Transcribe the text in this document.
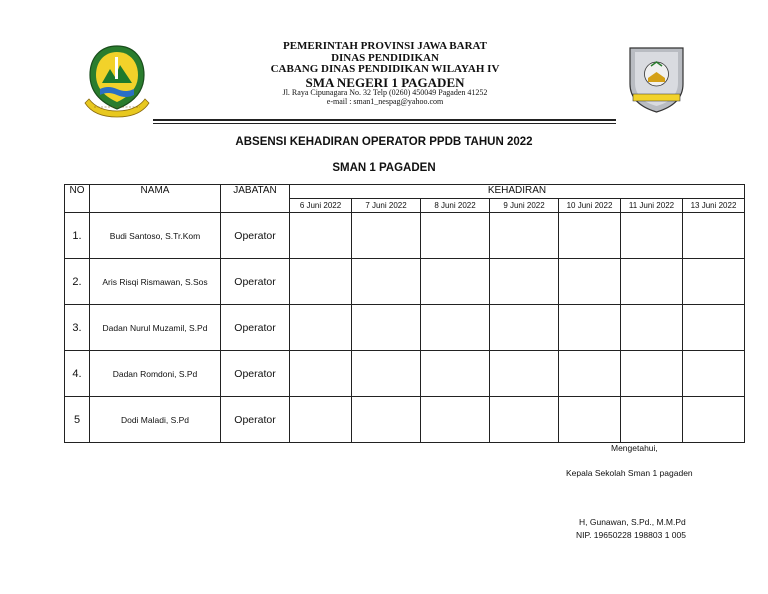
PEMERINTAH PROVINSI JAWA BARAT
DINAS PENDIDIKAN
CABANG DINAS PENDIDIKAN WILAYAH IV
SMA NEGERI 1 PAGADEN
Jl. Raya Cipunagara No. 32 Telp (0260) 450049 Pagaden 41252
e-mail : sman1_nespag@yahoo.com
ABSENSI KEHADIRAN OPERATOR PPDB TAHUN 2022
SMAN 1 PAGADEN
NO	NAMA	JABATAN	KEHADIRAN						
			6 Juni 2022	7 Juni 2022	8 Juni 2022	9 Juni 2022	10 Juni 2022	11 Juni 2022	13 Juni 2022
1.	Budi Santoso, S.Tr.Kom	Operator							
2.	Aris Risqi Rismawan, S.Sos	Operator							
3.	Dadan Nurul Muzamil, S.Pd	Operator							
4.	Dadan Romdoni, S.Pd	Operator							
5	Dodi Maladi, S.Pd	Operator							
Mengetahui,
Kepala Sekolah Sman 1 pagaden
H, Gunawan, S.Pd., M.M.Pd
NIP. 19650228 198803 1 005
